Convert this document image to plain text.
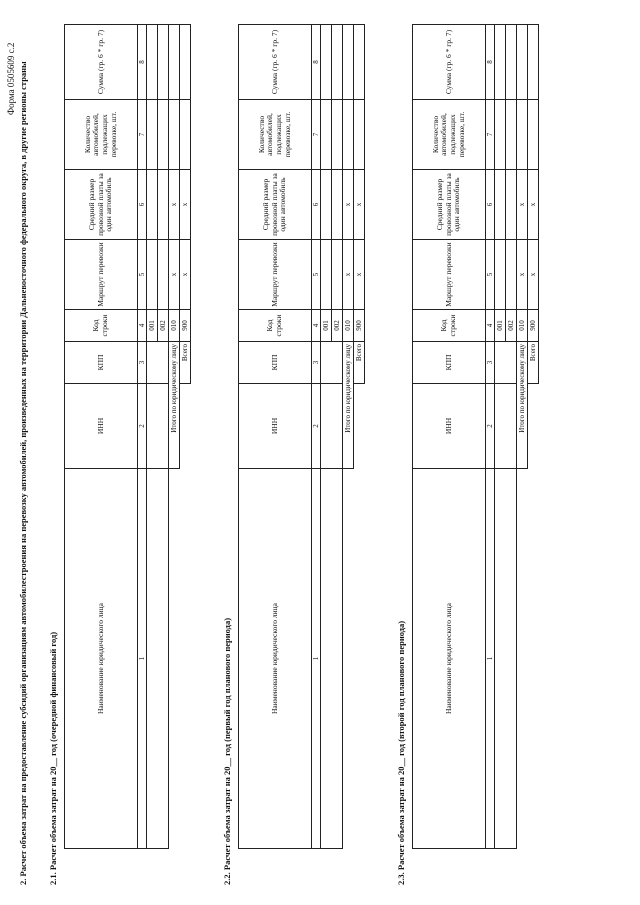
Форма 0505609 с.2 2. Расчет объема затрат на предоставление субсидий организациям автомобилестроения на перевозку автомобилей, произведенных на территории Дальневосточного федерального округа, в другие регионы страны 2.1. Расчет объема затрат на 20__ год (очередной финансовый год)	Наименование юридического лица	ИНН	КПП	Код строки	Маршрут перевозки	Средний размер провозной платы за один автомобиль	Количество автомобилей, подлежащих перевозке, шт.	Сумма (гр. 6 * гр. 7)
1	2	3	4	5	6	7	8
			001				
			002				
	Итого по юридическому лицу		010	x	x		
		Всего	900	x	x		
2.2. Расчет объема затрат на 20__ год (первый год планового периода)	Наименование юридического лица	ИНН	КПП	Код строки	Маршрут перевозки	Средний размер провозной платы за один автомобиль	Количество автомобилей, подлежащих перевозке, шт.	Сумма (гр. 6 * гр. 7)
1	2	3	4	5	6	7	8
			001				
			002				
	Итого по юридическому лицу		010	x	x		
		Всего	900	x	x		
2.3. Расчет объема затрат на 20__ год (второй год планового периода)	Наименование юридического лица	ИНН	КПП	Код строки	Маршрут перевозки	Средний размер провозной платы за один автомобиль	Количество автомобилей, подлежащих перевозке, шт.	Сумма (гр. 6 * гр. 7)
1	2	3	4	5	6	7	8
			001				
			002				
	Итого по юридическому лицу		010	x	x		
		Всего	900	x	x		
